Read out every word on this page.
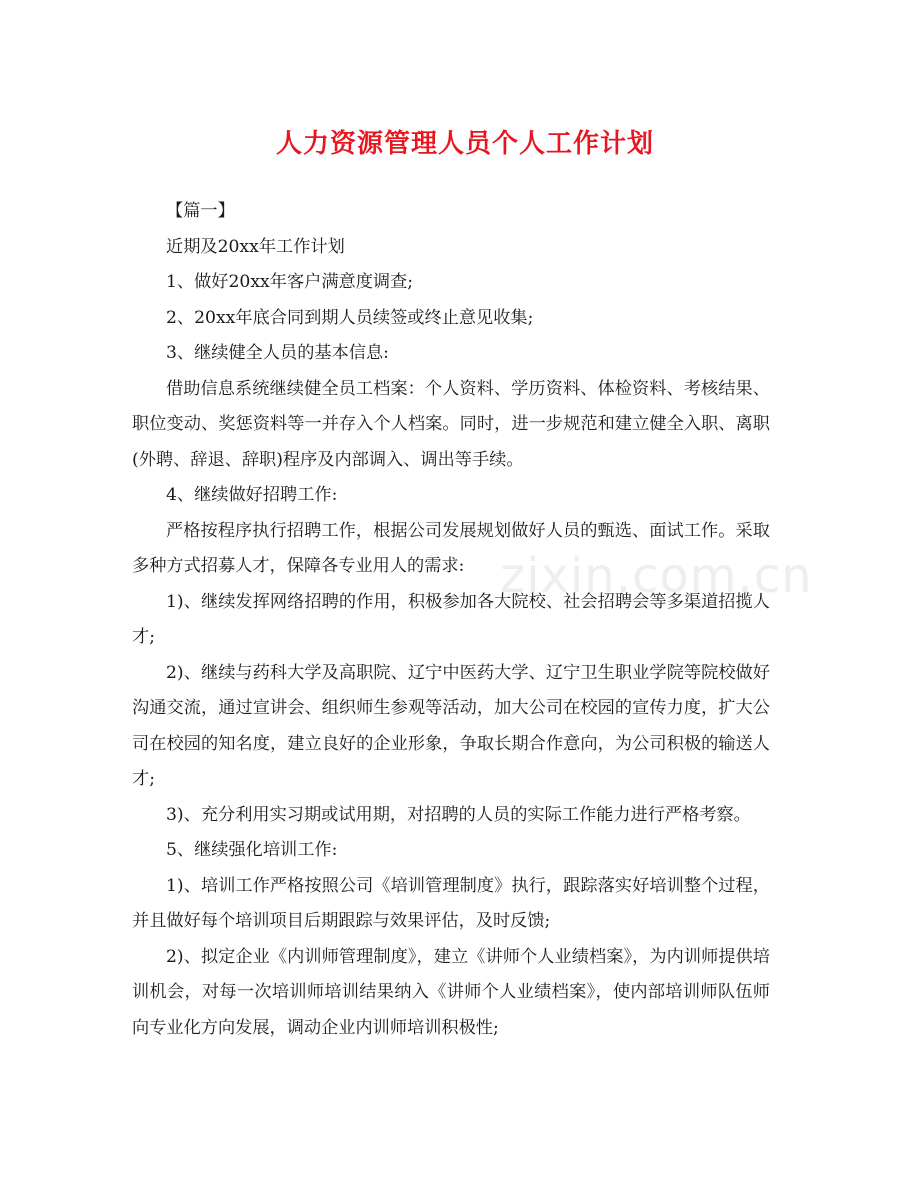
人力资源管理人员个人工作计划

【篇一】

近期及20xx年工作计划

1、做好20xx年客户满意度调查;

2、20xx年底合同到期人员续签或终止意见收集;

3、继续健全人员的基本信息:

借助信息系统继续健全员工档案：个人资料、学历资料、体检资料、考核结果、职位变动、奖惩资料等一并存入个人档案。同时，进一步规范和建立健全入职、离职(外聘、辞退、辞职)程序及内部调入、调出等手续。

4、继续做好招聘工作:

严格按程序执行招聘工作，根据公司发展规划做好人员的甄选、面试工作。采取多种方式招募人才，保障各专业用人的需求:

1)、继续发挥网络招聘的作用，积极参加各大院校、社会招聘会等多渠道招揽人才;

2)、继续与药科大学及高职院、辽宁中医药大学、辽宁卫生职业学院等院校做好沟通交流，通过宣讲会、组织师生参观等活动，加大公司在校园的宣传力度，扩大公司在校园的知名度，建立良好的企业形象，争取长期合作意向，为公司积极的输送人才;

3)、充分利用实习期或试用期，对招聘的人员的实际工作能力进行严格考察。

5、继续强化培训工作:

1)、培训工作严格按照公司《培训管理制度》执行，跟踪落实好培训整个过程，并且做好每个培训项目后期跟踪与效果评估，及时反馈;

2)、拟定企业《内训师管理制度》，建立《讲师个人业绩档案》，为内训师提供培训机会，对每一次培训师培训结果纳入《讲师个人业绩档案》，使内部培训师队伍师向专业化方向发展，调动企业内训师培训积极性;

zixin.com.cn
